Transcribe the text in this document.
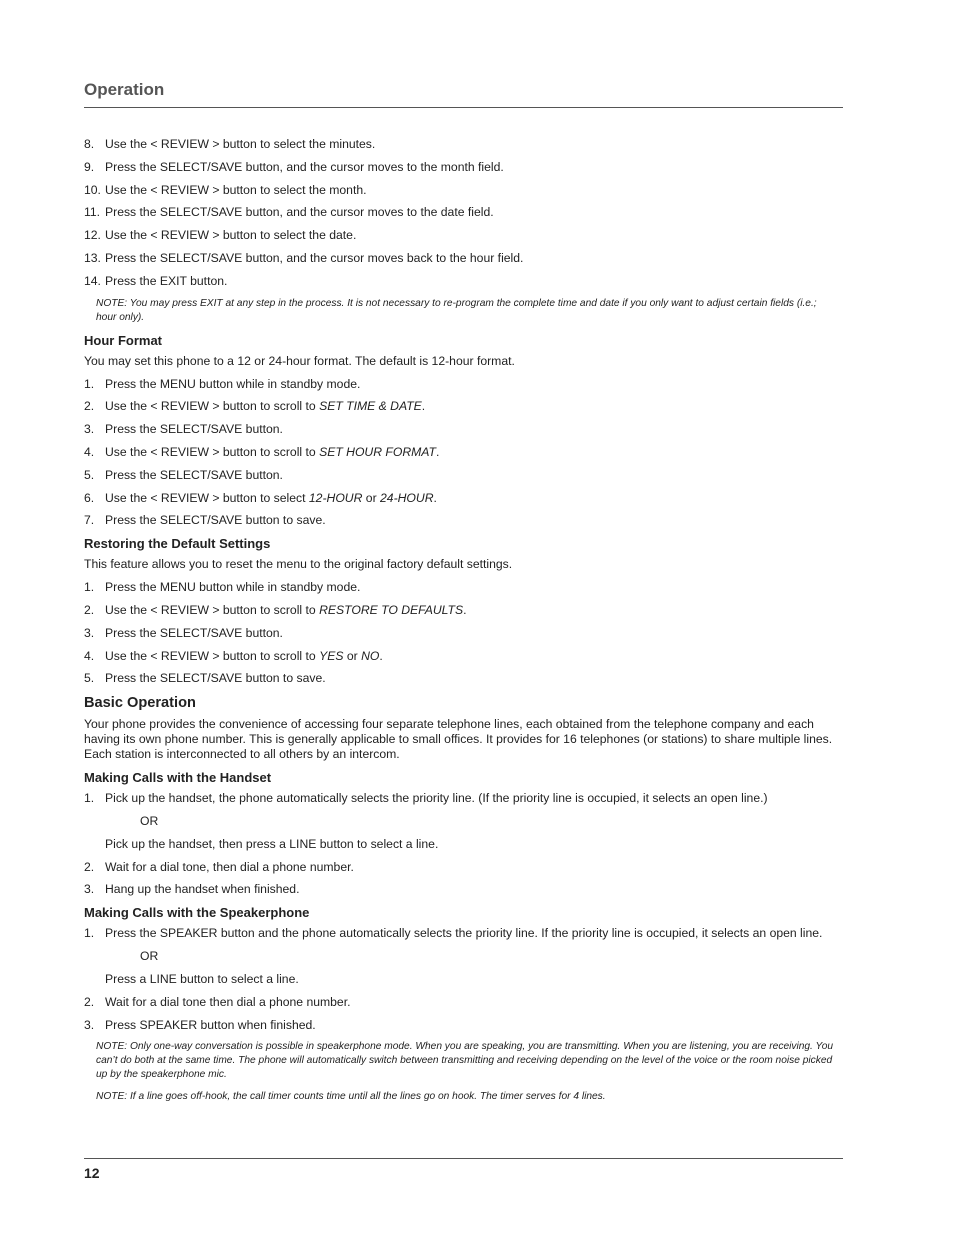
Operation
8. Use the < REVIEW > button to select the minutes.
9. Press the SELECT/SAVE button, and the cursor moves to the month field.
10. Use the < REVIEW > button to select the month.
11. Press the SELECT/SAVE button, and the cursor moves to the date field.
12. Use the < REVIEW > button to select the date.
13. Press the SELECT/SAVE button, and the cursor moves back to the hour field.
14. Press the EXIT button.
NOTE: You may press EXIT at any step in the process. It is not necessary to re-program the complete time and date if you only want to adjust certain fields (i.e.; hour only).
Hour Format
You may set this phone to a 12 or 24-hour format. The default is 12-hour format.
1. Press the MENU button while in standby mode.
2. Use the < REVIEW > button to scroll to SET TIME & DATE.
3. Press the SELECT/SAVE button.
4. Use the < REVIEW > button to scroll to SET HOUR FORMAT.
5. Press the SELECT/SAVE button.
6. Use the < REVIEW > button to select 12-HOUR or 24-HOUR.
7. Press the SELECT/SAVE button to save.
Restoring the Default Settings
This feature allows you to reset the menu to the original factory default settings.
1. Press the MENU button while in standby mode.
2. Use the < REVIEW > button to scroll to RESTORE TO DEFAULTS.
3. Press the SELECT/SAVE button.
4. Use the < REVIEW > button to scroll to YES or NO.
5. Press the SELECT/SAVE button to save.
Basic Operation
Your phone provides the convenience of accessing four separate telephone lines, each obtained from the telephone company and each having its own phone number. This is generally applicable to small offices. It provides for 16 telephones (or stations) to share multiple lines. Each station is interconnected to all others by an intercom.
Making Calls with the Handset
1. Pick up the handset, the phone automatically selects the priority line. (If the priority line is occupied, it selects an open line.)
OR
Pick up the handset, then press a LINE button to select a line.
2. Wait for a dial tone, then dial a phone number.
3. Hang up the handset when finished.
Making Calls with the Speakerphone
1. Press the SPEAKER button and the phone automatically selects the priority line. If the priority line is occupied, it selects an open line.
OR
Press a LINE button to select a line.
2. Wait for a dial tone then dial a phone number.
3. Press SPEAKER button when finished.
NOTE: Only one-way conversation is possible in speakerphone mode. When you are speaking, you are transmitting. When you are listening, you are receiving. You can’t do both at the same time. The phone will automatically switch between transmitting and receiving depending on the level of the voice or the room noise picked up by the speakerphone mic.
NOTE: If a line goes off-hook, the call timer counts time until all the lines go on hook. The timer serves for 4 lines.
12
